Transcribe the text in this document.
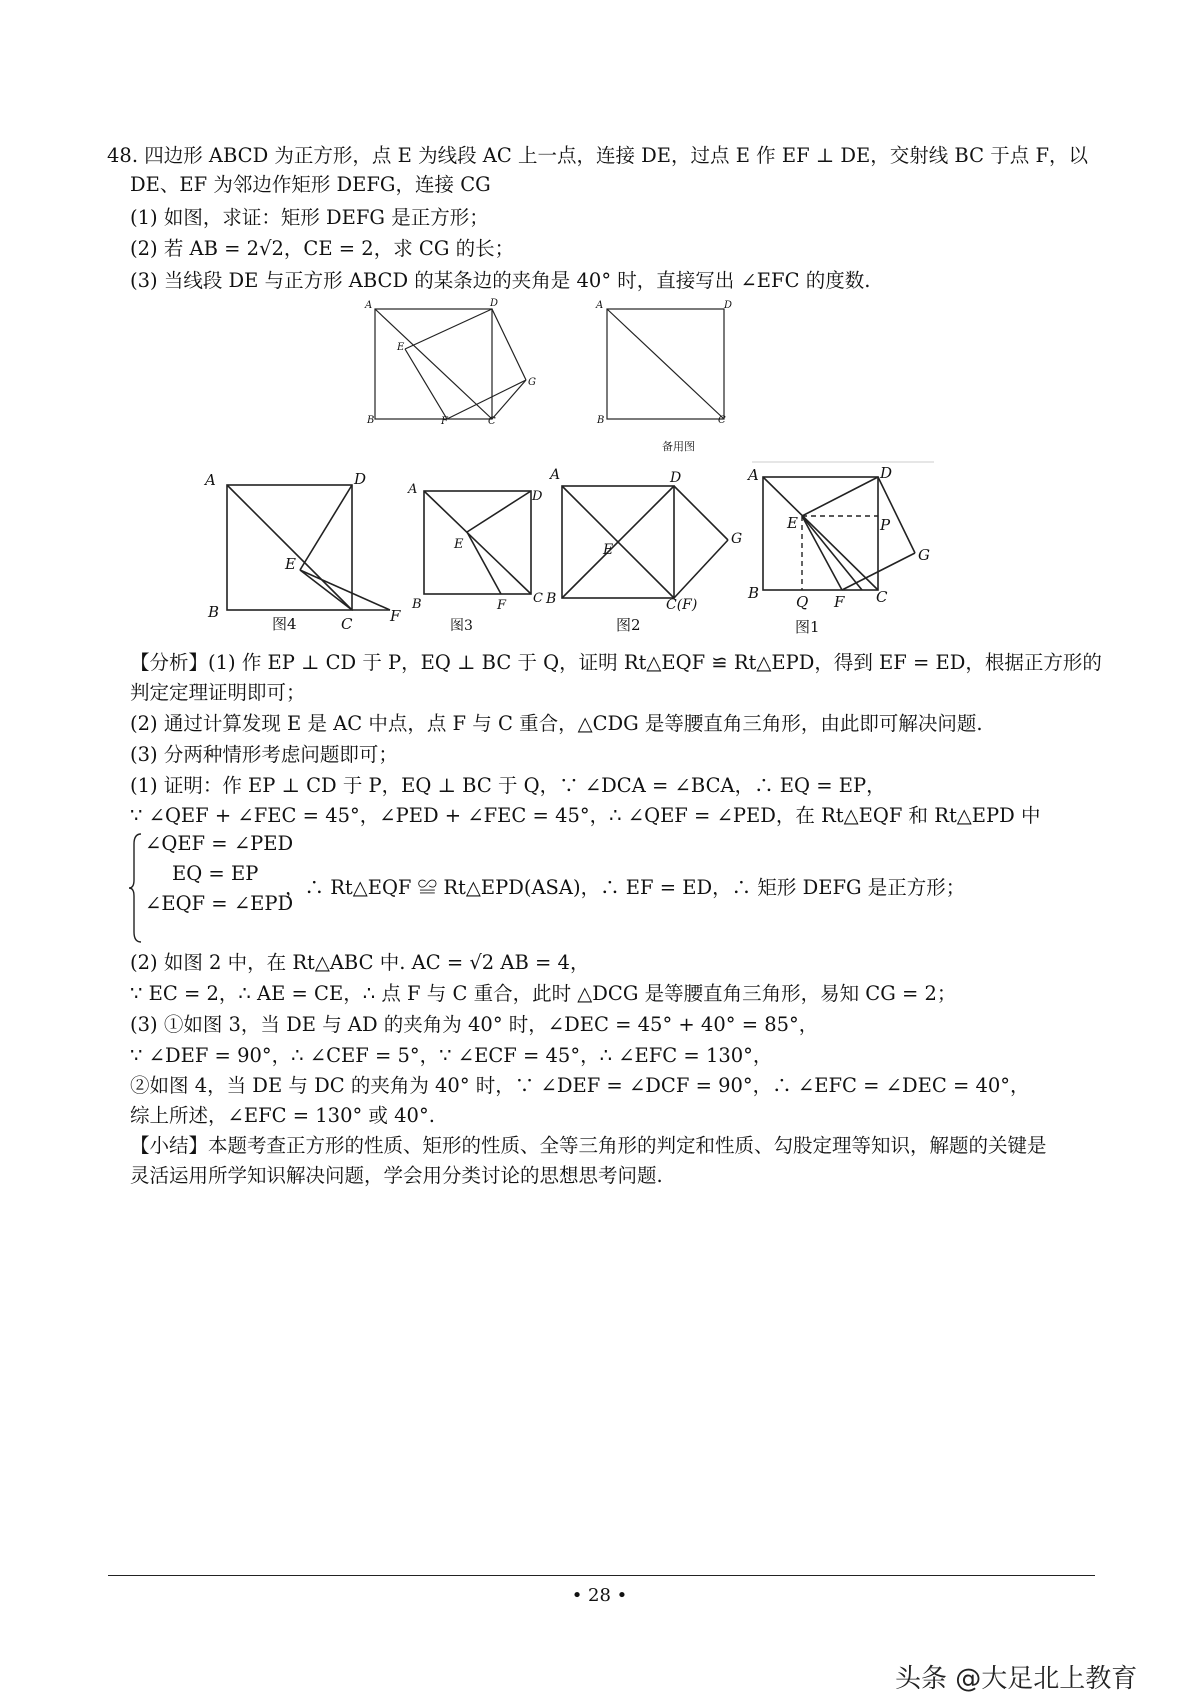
48. 四边形 ABCD 为正方形，点 E 为线段 AC 上一点，连接 DE，过点 E 作 EF ⊥ DE，交射线 BC 于点 F，以
DE、EF 为邻边作矩形 DEFG，连接 CG
(1) 如图，求证：矩形 DEFG 是正方形；
(2) 若 AB = 2√2，CE = 2，求 CG 的长；
(3) 当线段 DE 与正方形 ABCD 的某条边的夹角是 40° 时，直接写出 ∠EFC 的度数.
A	D
E
G
B	F	C
A	D
B	C
备用图
A	D
E
B
C	F
图4
A	D
E
B	F C
图3
A	D
E
G
B	C(F)
图2
A	D
E	P
G
B Q F C
图1
【分析】(1) 作 EP ⊥ CD 于 P，EQ ⊥ BC 于 Q，证明 Rt△EQF ≌ Rt△EPD，得到 EF = ED，根据正方形的
判定定理证明即可；
(2) 通过计算发现 E 是 AC 中点，点 F 与 C 重合，△CDG 是等腰直角三角形，由此即可解决问题.
(3) 分两种情形考虑问题即可；
(1) 证明：作 EP ⊥ CD 于 P，EQ ⊥ BC 于 Q，∵ ∠DCA = ∠BCA，∴ EQ = EP，
∵ ∠QEF + ∠FEC = 45°，∠PED + ∠FEC = 45°，∴ ∠QEF = ∠PED，在 Rt△EQF 和 Rt△EPD 中
∠QEF = ∠PED
EQ = EP
∠EQF = ∠EPD
，∴ Rt△EQF ≌ Rt△EPD(ASA)，∴ EF = ED，∴ 矩形 DEFG 是正方形；
(2) 如图 2 中，在 Rt△ABC 中. AC = √2 AB = 4，
∵ EC = 2，∴ AE = CE，∴ 点 F 与 C 重合，此时 △DCG 是等腰直角三角形，易知 CG = 2；
(3) ①如图 3，当 DE 与 AD 的夹角为 40° 时，∠DEC = 45° + 40° = 85°，
∵ ∠DEF = 90°，∴ ∠CEF = 5°，∵ ∠ECF = 45°，∴ ∠EFC = 130°，
②如图 4，当 DE 与 DC 的夹角为 40° 时，∵ ∠DEF = ∠DCF = 90°，∴ ∠EFC = ∠DEC = 40°，
综上所述，∠EFC = 130° 或 40°.
【小结】本题考查正方形的性质、矩形的性质、全等三角形的判定和性质、勾股定理等知识，解题的关键是
灵活运用所学知识解决问题，学会用分类讨论的思想思考问题.
• 28 •
头条 @大足北上教育
